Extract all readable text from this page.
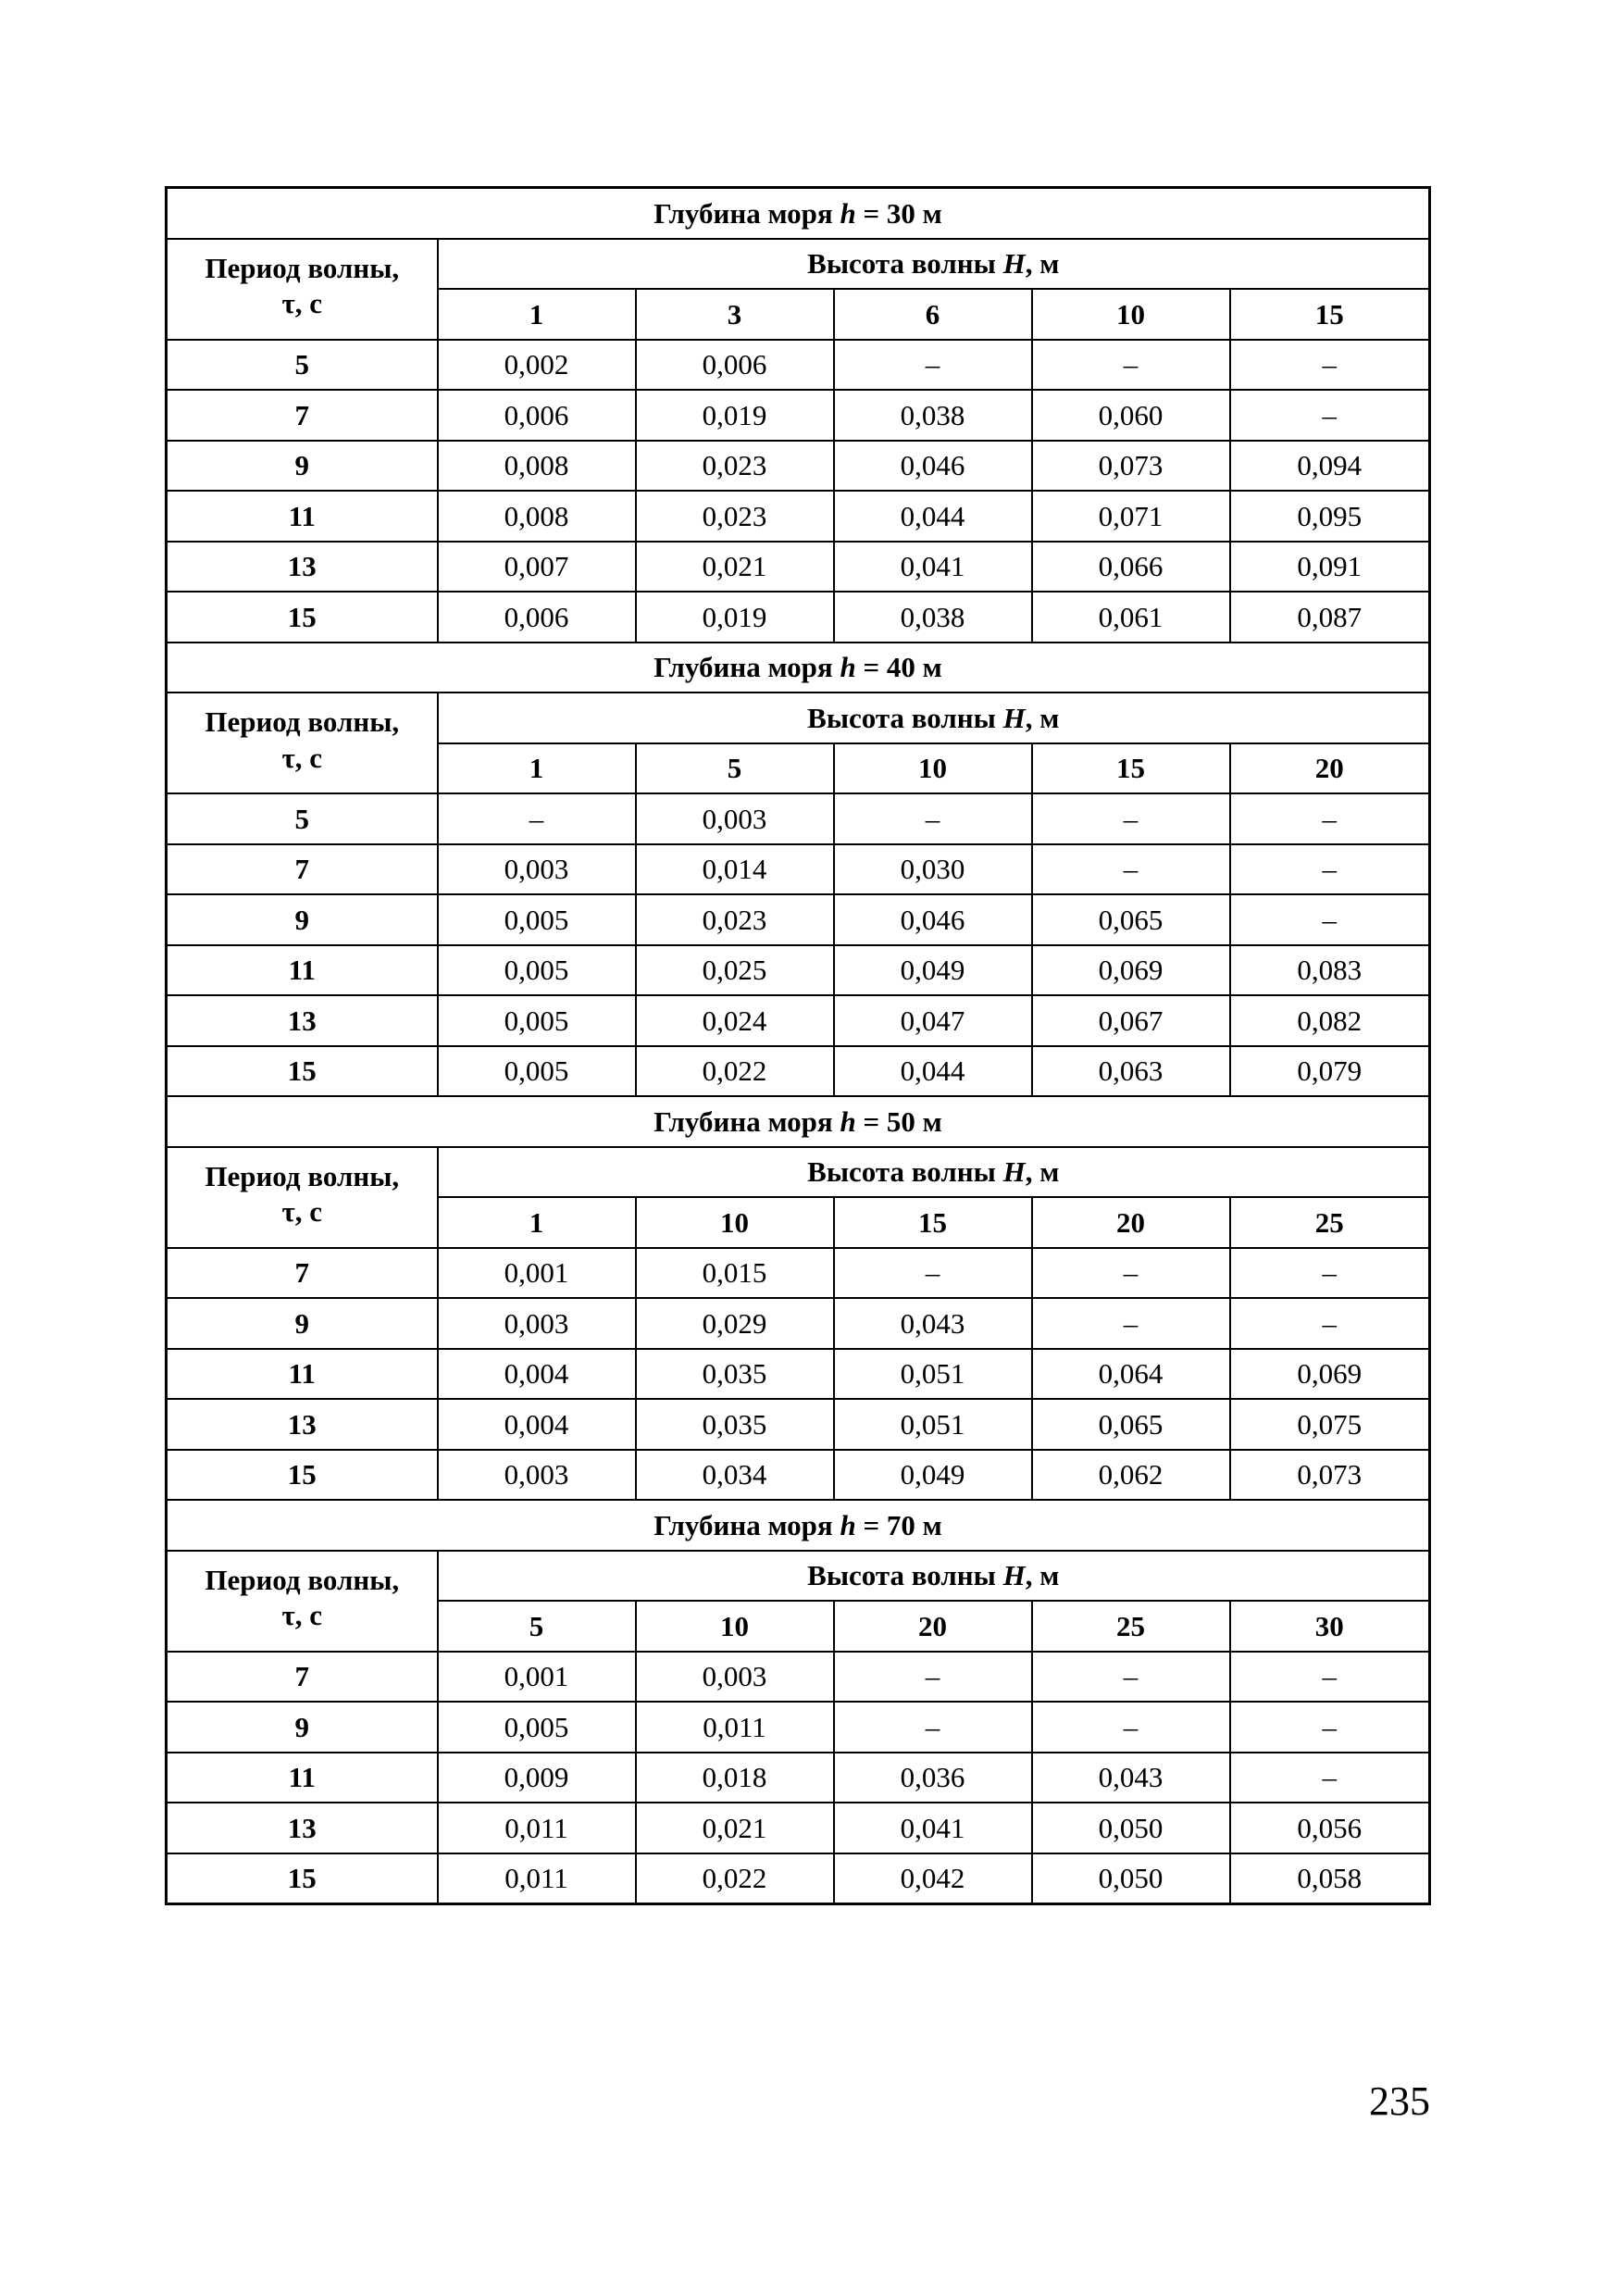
Глубина моря h = 30 м					
Период волны,
τ, с	Высота волны H, м				
	1	3	6	10	15
5	0,002	0,006	–	–	–
7	0,006	0,019	0,038	0,060	–
9	0,008	0,023	0,046	0,073	0,094
11	0,008	0,023	0,044	0,071	0,095
13	0,007	0,021	0,041	0,066	0,091
15	0,006	0,019	0,038	0,061	0,087
Глубина моря h = 40 м					
Период волны,
τ, с	Высота волны H, м				
	1	5	10	15	20
5	–	0,003	–	–	–
7	0,003	0,014	0,030	–	–
9	0,005	0,023	0,046	0,065	–
11	0,005	0,025	0,049	0,069	0,083
13	0,005	0,024	0,047	0,067	0,082
15	0,005	0,022	0,044	0,063	0,079
Глубина моря h = 50 м					
Период волны,
τ, с	Высота волны H, м				
	1	10	15	20	25
7	0,001	0,015	–	–	–
9	0,003	0,029	0,043	–	–
11	0,004	0,035	0,051	0,064	0,069
13	0,004	0,035	0,051	0,065	0,075
15	0,003	0,034	0,049	0,062	0,073
Глубина моря h = 70 м					
Период волны,
τ, с	Высота волны H, м				
	5	10	20	25	30
7	0,001	0,003	–	–	–
9	0,005	0,011	–	–	–
11	0,009	0,018	0,036	0,043	–
13	0,011	0,021	0,041	0,050	0,056
15	0,011	0,022	0,042	0,050	0,058
235
